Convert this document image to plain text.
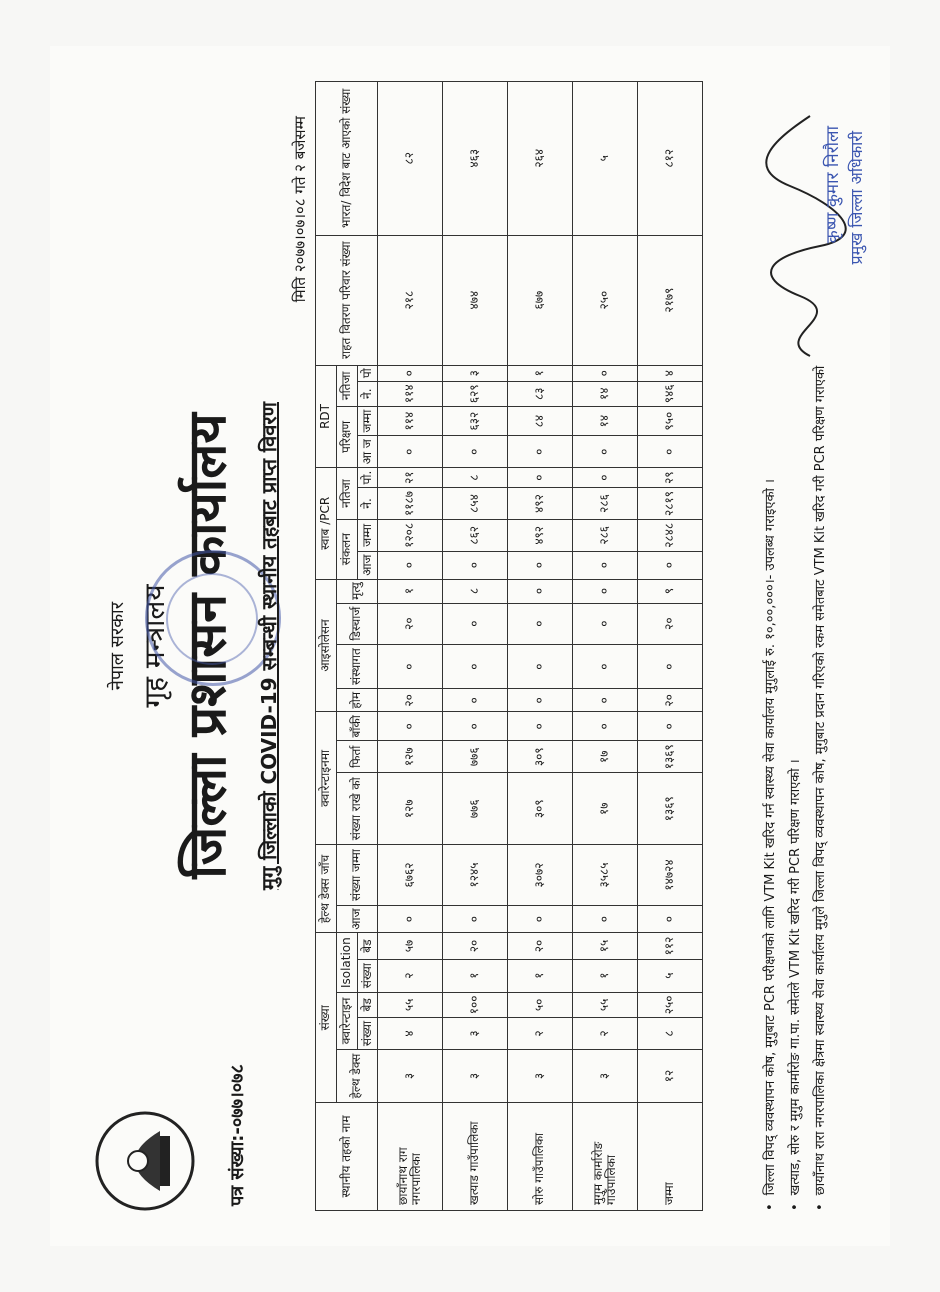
नेपाल सरकार गृह मन्त्रालय जिल्ला प्रशासन कार्यालय
पत्र संख्या:-०७७।०७८
मुगु जिल्लाको COVID-19 सम्बन्धी स्थानीय तहबाट प्राप्त विवरण
मिति २०७७।०७।०८ गते २ बजेसम्म
स्थानीय तहको नाम	संख्या					हेल्थ डेक्स जाँच		क्वारेन्टाइनमा			आइसोलेसन				स्वाब /PCR				RDT				राहत वितरण परिवार संख्या	भारत/ विदेश बाट आएको संख्या
	हेल्थ डेक्स	क्वारेन्टाइन		Isolation		आज	संख्या जम्मा	संख्या राखे को	फिर्ता	बाँकी	होम	संस्थागत	डिस्चार्ज	मृत्यु	संकलन		नतिजा		परिक्षण		नतिजा			
		संख्या	बेड	संख्या	बेड										आज	जम्मा	ने.	पो.	आ ज	जम्मा	ने.	पो		
छायाँनाथ राग नगरपालिका	३	४	५५	२	५७	०	६७६२	१२७	१२७	०	२०	०	२०	१	०	१२०८	११८७	२१	०	११४	११४	०	२१८	८२
खत्याड गाउँपालिका	३	३	१००	१	२०	०	१२४५	७७६	७७६	०	०	०	०	८	०	८६२	८५४	८	०	६३२	६२९	३	४७४	४६३
सोरु गाउँपालिका	३	२	५०	१	२०	०	३०७२	३०९	३०९	०	०	०	०	०	०	४९२	४९२	०	०	८४	८३	१	६७७	२६४
मुगुम कार्मारोङ गाउँपालिका	३	२	५५	१	१५	०	३५८५	१७	१७	०	०	०	०	०	०	२८६	२८६	०	०	१४	१४	०	२५०	५
जम्मा	१२	८	२५०	५	११२	०	१४७२४	१३६९	१३६९	०	२०	०	२०	९	०	२८४८	२८१९	२९	०	९५०	९४६	४	२१७९	८१२
•जिल्ला विपद् व्यवस्थापन कोष, मुगुबाट PCR परीक्षणको लागि VTM Kit खरिद गर्न स्वास्थ्य सेवा कार्यालय मुगुलाई रु. १०,००,०००।- उपलब्ध गराइएको ।
•खत्याड, सोरु र मुगुम कार्मारोङ गा.पा. समेतले VTM Kit खरिद गरी PCR परिक्षण गराएको ।
•छायाँनाथ रारा नगरपालिका क्षेत्रमा स्वास्थ्य सेवा कार्यालय मुगुले जिल्ला विपद् व्यवस्थापन कोष, मुगुबाट प्रदान गरिएको रकम समेतबाट VTM Kit खरिद गरी PCR परिक्षण गराएको
कृष्ण कुमार निरौला प्रमुख जिल्ला अधिकारी
